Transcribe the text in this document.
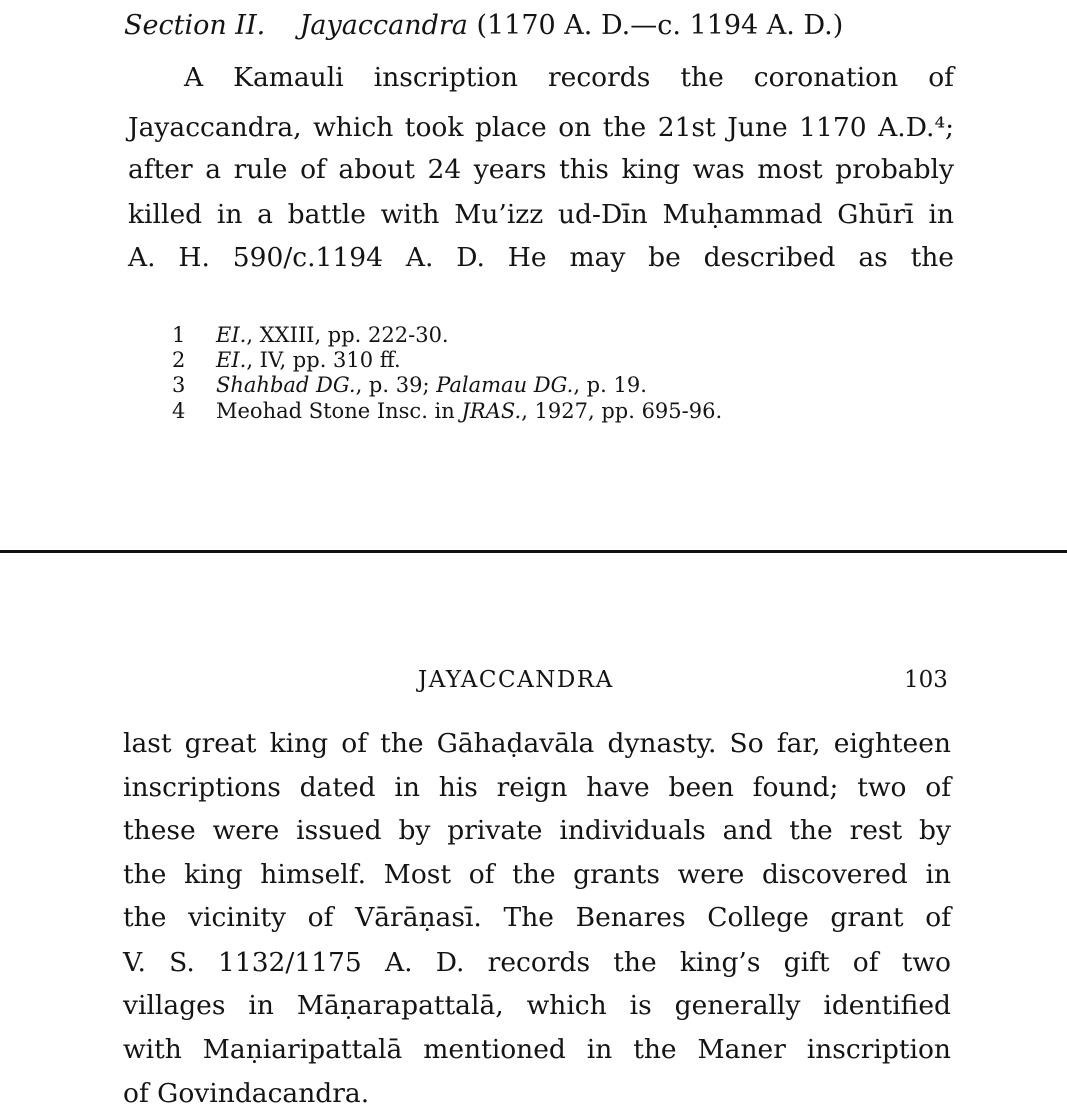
Section II. Jayaccandra (1170 A. D.—c. 1194 A. D.)
A Kamauli inscription records the coronation of
Jayaccandra, which took place on the 21st June 1170 A.D.⁴;
after a rule of about 24 years this king was most probably
killed in a battle with Mu’izz ud-Dīn Muḥammad Ghūrī in
A. H. 590/c.1194 A. D. He may be described as the
1 EI., XXIII, pp. 222-30.
2 EI., IV, pp. 310 ff.
3 Shahbad DG., p. 39; Palamau DG., p. 19.
4 Meohad Stone Insc. in JRAS., 1927, pp. 695-96.
JAYACCANDRA	103
last great king of the Gāhaḍavāla dynasty. So far, eighteen
inscriptions dated in his reign have been found; two of
these were issued by private individuals and the rest by
the king himself. Most of the grants were discovered in
the vicinity of Vārāṇasī. The Benares College grant of
V. S. 1132/1175 A. D. records the king’s gift of two
villages in Māṇarapattalā, which is generally identified
with Maṇiaripattalā mentioned in the Maner inscription
of Govindacandra.
